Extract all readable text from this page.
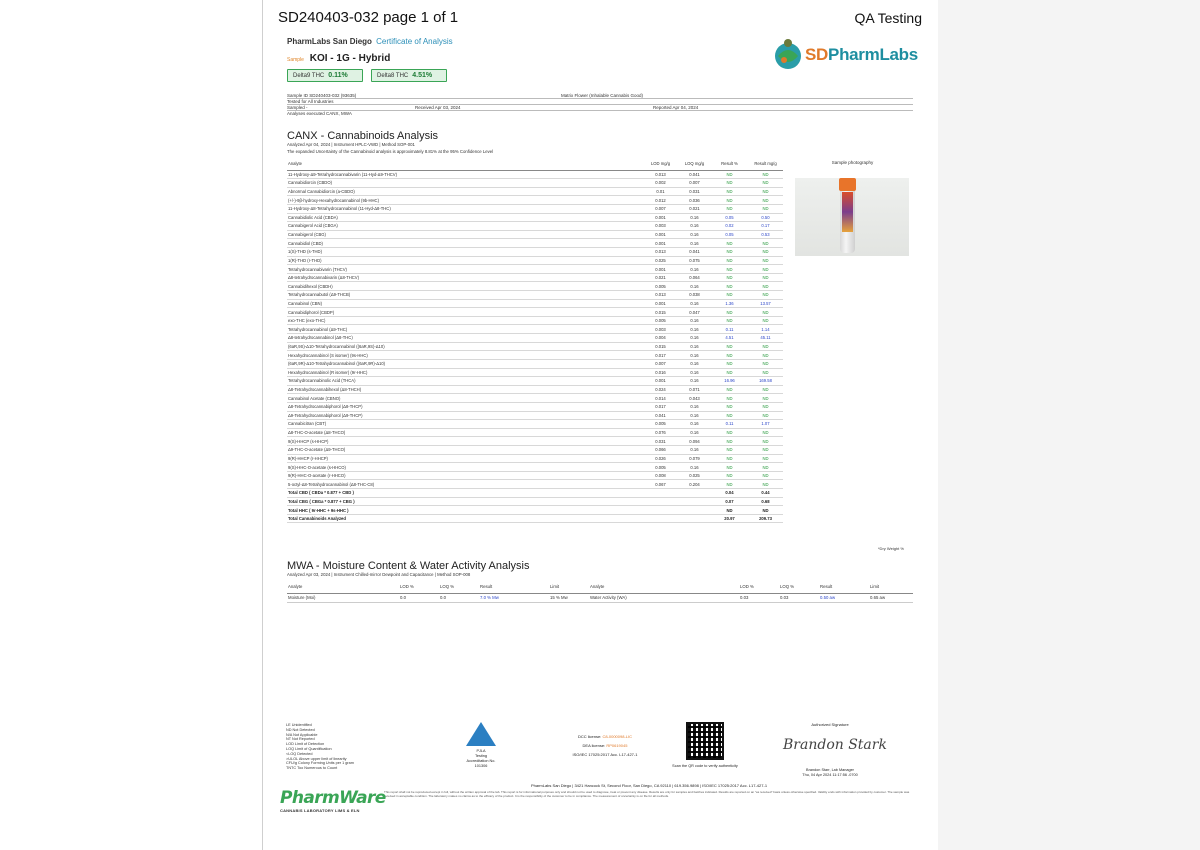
SD240403-032 page 1 of 1	QA Testing
PharmLabs San Diego Certificate of Analysis
Sample KOI - 1G - Hybrid
Delta9 THC 0.11%	Delta8 THC 4.51%
SDPharmLabs
Sample ID SD240403-032 (93635)	Matrix Flower (Inhalable Cannabis Good)
Tested for All Industries
Sampled -	Received Apr 03, 2024	Reported Apr 04, 2024
Analyses executed CANX, MWA
CANX - Cannabinoids Analysis
Analyzed Apr 04, 2024 | Instrument HPLC-VWD | Method SOP-001
The expanded Uncertainty of the Cannabinoid analysis is approximately 8.81% at the 95% Confidence Level
Analyte	LOD mg/g	LOQ mg/g	Result %	Result mg/g
11-Hydroxy-Δ9-Tetrahydrocannabivarin (11-Hyd-Δ9-THCV)	0.013	0.041	ND	ND
Cannabidiorcin (CBDO)	0.002	0.007	ND	ND
Abnormal Cannabidiorcin (a-CBDO)	0.01	0.031	ND	ND
(+/-)-9β-hydroxy-Hexahydrocannabinol (9b-HHC)	0.012	0.036	ND	ND
11-Hydroxy-Δ8-Tetrahydrocannabinol (11-Hyd-Δ8-THC)	0.007	0.021	ND	ND
Cannabidiolic Acid (CBDA)	0.001	0.16	0.05	0.50
Cannabigerol Acid (CBGA)	0.003	0.16	0.02	0.17
Cannabigerol (CBG)	0.001	0.16	0.05	0.53
Cannabidiol (CBD)	0.001	0.16	ND	ND
1(S)-THD (s-THD)	0.013	0.041	ND	ND
1(R)-THD (r-THD)	0.025	0.075	ND	ND
Tetrahydrocannabivarin (THCV)	0.001	0.16	ND	ND
Δ8-tetrahydrocannabivarin (Δ8-THCV)	0.021	0.064	ND	ND
Cannabidihexol (CBDH)	0.005	0.16	ND	ND
Tetrahydrocannabutol (Δ9-THCB)	0.013	0.038	ND	ND
Cannabinol (CBN)	0.001	0.16	1.36	13.57
Cannabidiphorol (CBDP)	0.015	0.047	ND	ND
exo-THC (exo-THC)	0.005	0.16	ND	ND
Tetrahydrocannabinol (Δ9-THC)	0.003	0.16	0.11	1.14
Δ8-tetrahydrocannabinol (Δ8-THC)	0.004	0.16	4.51	45.11
(6aR,9S)-Δ10-Tetrahydrocannabinol ((6aR,9S)-Δ10)	0.015	0.16	ND	ND
Hexahydrocannabinol (S isomer) (9s-HHC)	0.017	0.16	ND	ND
(6aR,9R)-Δ10-Tetrahydrocannabinol ((6aR,9R)-Δ10)	0.007	0.16	ND	ND
Hexahydrocannabinol (R isomer) (9r-HHC)	0.016	0.16	ND	ND
Tetrahydrocannabinolic Acid (THCA)	0.001	0.16	16.96	169.58
Δ8-Tetrahydrocannabihexol (Δ8-THCH)	0.024	0.071	ND	ND
Cannabinol Acetate (CBNO)	0.014	0.043	ND	ND
Δ8-Tetrahydrocannabiphorol (Δ8-THCP)	0.017	0.16	ND	ND
Δ9-Tetrahydrocannabiphorol (Δ9-THCP)	0.041	0.16	ND	ND
Cannabicitran (CBT)	0.005	0.16	0.11	1.07
Δ8-THC-O-acetate (Δ8-THCO)	0.076	0.16	ND	ND
9(S)-HHCP (s-HHCP)	0.031	0.094	ND	ND
Δ9-THC-O-acetate (Δ9-THCO)	0.066	0.16	ND	ND
9(R)-HHCP (r-HHCP)	0.026	0.079	ND	ND
9(S)-HHC-O-acetate (s-HHCO)	0.005	0.16	ND	ND
9(R)-HHC-O-acetate (r-HHCO)	0.008	0.025	ND	ND
5-octyl-Δ8-Tetrahydrocannabinol (Δ8-THC-C8)	0.067	0.204	ND	ND
Total CBD ( CBDa * 0.877 + CBD )			0.04	0.44
Total CBG ( CBGa * 0.877 + CBG )			0.07	0.68
Total HHC ( 9r-HHC + 9s-HHC )			ND	ND
Total Cannabinoids Analyzed			20.97	209.73
Sample photography
*Dry Weight %
MWA - Moisture Content & Water Activity Analysis
Analyzed Apr 03, 2024 | Instrument Chilled-mirror Dewpoint and Capacitance | Method SOP-008
Analyte	LOD %	LOQ %	Result	Limit	Analyte	LOD %	LOQ %	Result	Limit
Moisture (Moi)	0.0	0.0	7.0 % Mw	15 % Mw	Water Activity (WA)	0.03	0.03	0.50 aw	0.65 aw
LE Unidentified
ND Not Detected
N/A Not Applicable
NT Not Reported
LOD Limit of Detection
LOQ Limit of Quantification
<LOQ Detected
>ULOL Above upper limit of linearity
CFU/g Colony Forming Units per 1 gram
TNTC Too Numerous to Count
PJLA
Testing
Accreditation No. 101306
DCC license: C8-0000098-LIC
DEA license: RP0619045
ISO/IEC 17025:2017 Acc. L17-427-1
Scan the QR code to verify authenticity
Authorized Signature
Brandon Stark
Brandon Starr, Lab Manager
Thu, 04 Apr 2024 11:17:56 -0700
PharmLabs San Diego | 3421 Hancock St, Second Floor, San Diego, CA 92110 | 619.356.9898 | ISO/IEC 17025:2017 Acc. L17-427-1
This report shall not be reproduced except in full, without the written approval of the lab. This report is for informational purposes only and should not be used to diagnose, treat or prevent any disease. Results are only for samples and batches indicated. Results are reported on an "as received" basis unless otherwise specified. Validity ends with information provided by customer. The sample was received in acceptable condition. The laboratory makes no claims as to the efficacy of the product. It is the responsibility of the customer to be in compliance. The measurement of uncertainty is on file for all methods.
PharmWare
CANNABIS LABORATORY LIMS & ELN
